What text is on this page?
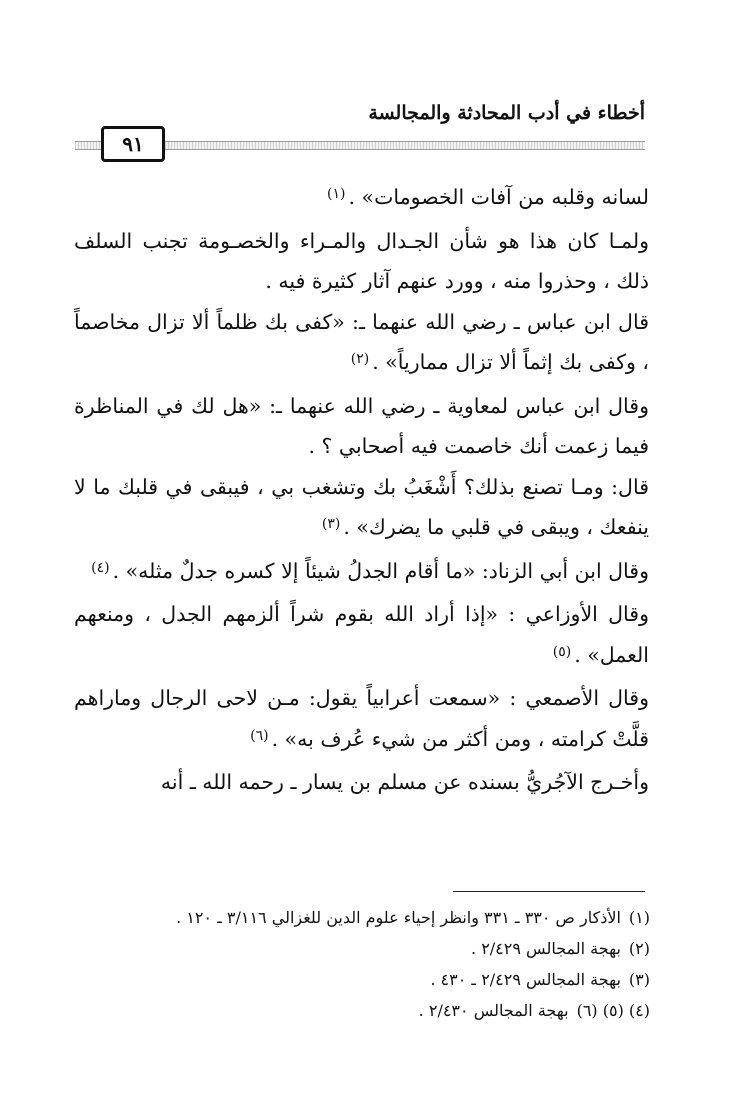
أخطاء في أدب المحادثة والمجالسة
٩١

لسانه وقلبه من آفات الخصومات» .$^{(١)}$

ولمـا كان هذا هو شأن الجـدال والمـراء والخصـومة تجنب السلف ذلك ، وحذروا منه ، وورد عنهم آثار كثيرة فيه .

قال ابن عباس ـ رضي الله عنهما ـ: «كفى بك ظلماً ألا تزال مخاصماً ، وكفى بك إثماً ألا تزال ممارياً» .$^{(٢)}$

وقال ابن عباس لمعاوية ـ رضي الله عنهما ـ: «هل لك في المناظرة فيما زعمت أنك خاصمت فيه أصحابي ؟ .

قال: ومـا تصنع بذلك؟ أَشْغَبُ بك وتشغب بي ، فيبقى في قلبك ما لا ينفعك ، ويبقى في قلبي ما يضرك» .$^{(٣)}$

وقال ابن أبي الزناد: «ما أقام الجدلُ شيئاً إلا كسره جدلٌ مثله» .$^{(٤)}$

وقال الأوزاعي : «إذا أراد الله بقوم شراً ألزمهم الجدل ، ومنعهم العمل» .$^{(٥)}$

وقال الأصمعي : «سمعت أعرابياً يقول: مـن لاحى الرجال وماراهم قلَّتْ كرامته ، ومن أكثر من شيء عُرف به» .$^{(٦)}$

وأخـرج الآجُريُّ بسنده عن مسلم بن يسار ـ رحمه الله ـ أنه

(١)الأذكار ص ٣٣٠ ـ ٣٣١ وانظر إحياء علوم الدين للغزالي ٣/١١٦ ـ ١٢٠ .

(٢)بهجة المجالس ٢/٤٢٩ .

(٣)بهجة المجالس ٢/٤٢٩ ـ ٤٣٠ .

(٤) (٥) (٦)بهجة المجالس ٢/٤٣٠ .
